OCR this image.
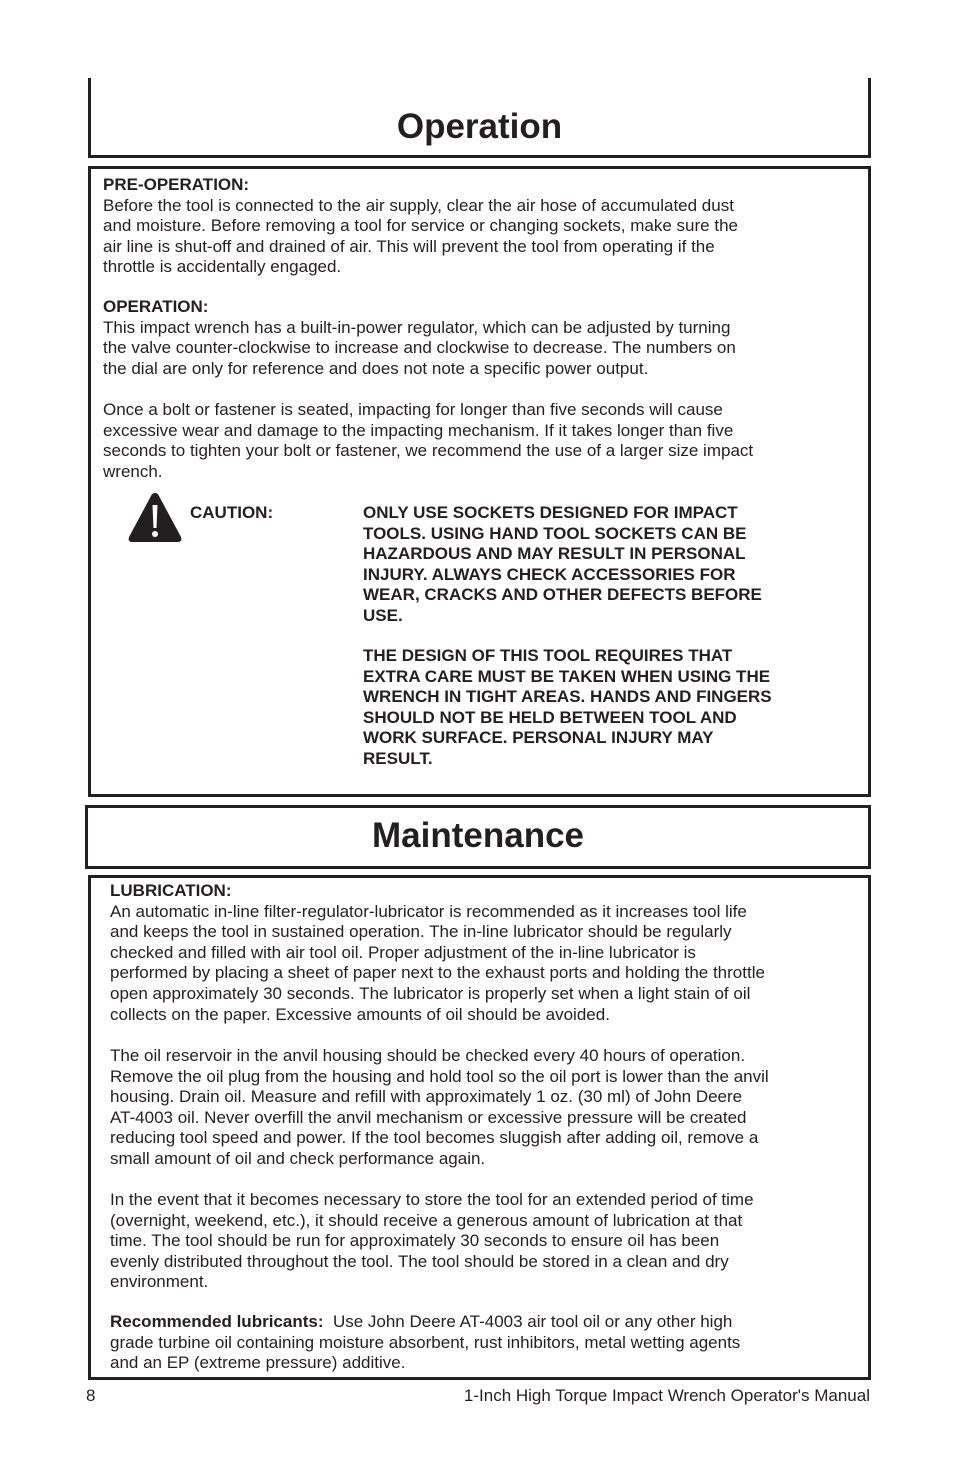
Operation
PRE-OPERATION:
Before the tool is connected to the air supply, clear the air hose of accumulated dust
and moisture. Before removing a tool for service or changing sockets, make sure the
air line is shut-off and drained of air. This will prevent the tool from operating if the
throttle is accidentally engaged.
OPERATION:
This impact wrench has a built-in-power regulator, which can be adjusted by turning
the valve counter-clockwise to increase and clockwise to decrease. The numbers on
the dial are only for reference and does not note a specific power output.
Once a bolt or fastener is seated, impacting for longer than five seconds will cause
excessive wear and damage to the impacting mechanism. If it takes longer than five
seconds to tighten your bolt or fastener, we recommend the use of a larger size impact
wrench.
CAUTION:	ONLY USE SOCKETS DESIGNED FOR IMPACT
TOOLS. USING HAND TOOL SOCKETS CAN BE
HAZARDOUS AND MAY RESULT IN PERSONAL
INJURY. ALWAYS CHECK ACCESSORIES FOR
WEAR, CRACKS AND OTHER DEFECTS BEFORE
USE.
THE DESIGN OF THIS TOOL REQUIRES THAT
EXTRA CARE MUST BE TAKEN WHEN USING THE
WRENCH IN TIGHT AREAS. HANDS AND FINGERS
SHOULD NOT BE HELD BETWEEN TOOL AND
WORK SURFACE. PERSONAL INJURY MAY
RESULT.
Maintenance
LUBRICATION:
An automatic in-line filter-regulator-lubricator is recommended as it increases tool life
and keeps the tool in sustained operation. The in-line lubricator should be regularly
checked and filled with air tool oil. Proper adjustment of the in-line lubricator is
performed by placing a sheet of paper next to the exhaust ports and holding the throttle
open approximately 30 seconds. The lubricator is properly set when a light stain of oil
collects on the paper. Excessive amounts of oil should be avoided.
The oil reservoir in the anvil housing should be checked every 40 hours of operation.
Remove the oil plug from the housing and hold tool so the oil port is lower than the anvil
housing. Drain oil. Measure and refill with approximately 1 oz. (30 ml) of John Deere
AT-4003 oil. Never overfill the anvil mechanism or excessive pressure will be created
reducing tool speed and power. If the tool becomes sluggish after adding oil, remove a
small amount of oil and check performance again.
In the event that it becomes necessary to store the tool for an extended period of time
(overnight, weekend, etc.), it should receive a generous amount of lubrication at that
time. The tool should be run for approximately 30 seconds to ensure oil has been
evenly distributed throughout the tool. The tool should be stored in a clean and dry
environment.
Recommended lubricants:  Use John Deere AT-4003 air tool oil or any other high
grade turbine oil containing moisture absorbent, rust inhibitors, metal wetting agents
and an EP (extreme pressure) additive.
8	1-Inch High Torque Impact Wrench Operator's Manual
